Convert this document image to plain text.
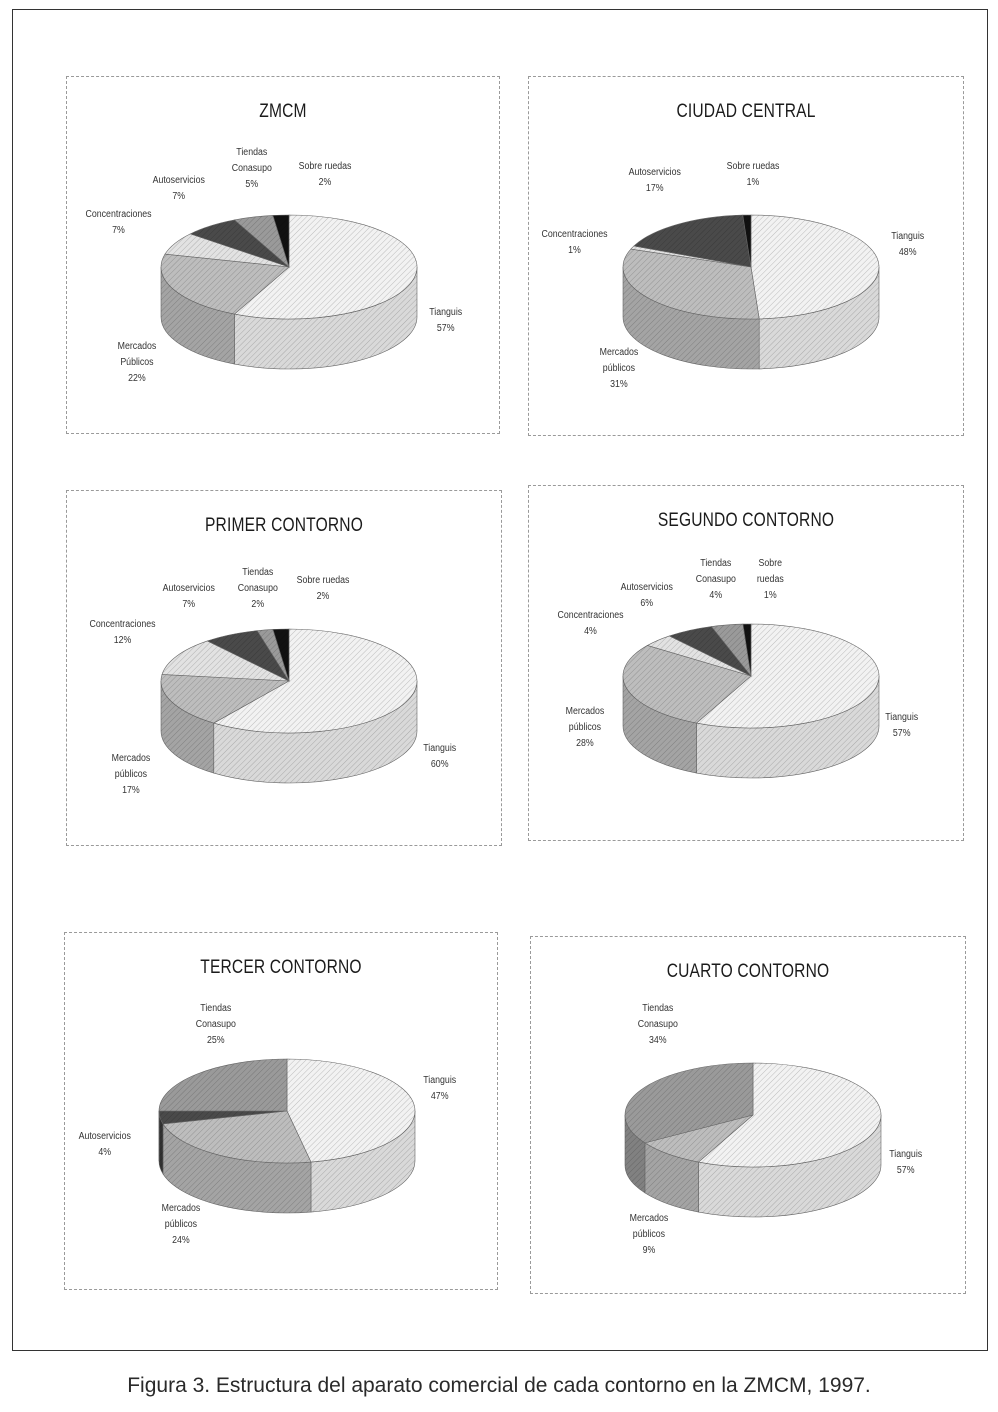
ZMCM
Tianguis
57%
Mercados
Públicos
22%
Concentraciones
7%
Autoservicios
7%
Tiendas
Conasupo
5%
Sobre ruedas
2%
CIUDAD CENTRAL
Tianguis
48%
Mercados
públicos
31%
Concentraciones
1%
Autoservicios
17%
Sobre ruedas
1%
PRIMER CONTORNO
Tianguis
60%
Mercados
públicos
17%
Concentraciones
12%
Autoservicios
7%
Tiendas
Conasupo
2%
Sobre ruedas
2%
SEGUNDO CONTORNO
Tianguis
57%
Mercados
públicos
28%
Concentraciones
4%
Autoservicios
6%
Tiendas
Conasupo
4%
Sobre
ruedas
1%
TERCER CONTORNO
Tianguis
47%
Mercados
públicos
24%
Autoservicios
4%
Tiendas
Conasupo
25%
CUARTO CONTORNO
Tianguis
57%
Mercados
públicos
9%
Tiendas
Conasupo
34%
Figura 3. Estructura del aparato comercial de cada contorno en la ZMCM, 1997.
